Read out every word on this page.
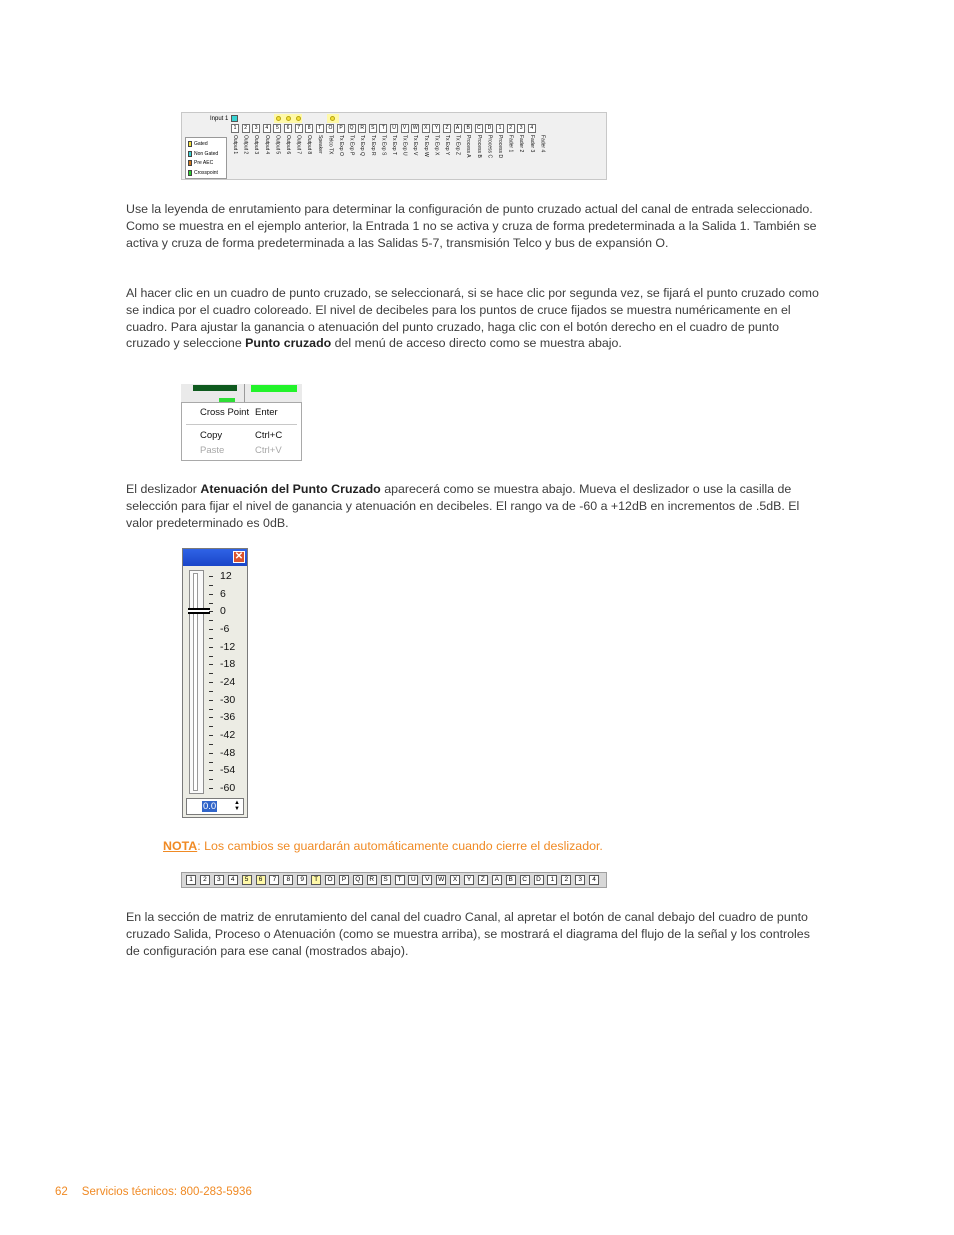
Input 1
1	2	3	4	5	6	7	8	T	O	P	Q	R	S	T	U	V	W	X	Y	Z	A	B	C	D	1	2	3	4
Output 1 Output 2 Output 3 Output 4 Output 5 Output 6 Output 7 Output 8 Speaker Telco TX Tx Exp O Tx Exp P Tx Exp Q Tx Exp R Tx Exp S Tx Exp T Tx Exp U Tx Exp V Tx Exp W Tx Exp X Tx Exp Y Tx Exp Z Process A Process B Process C Process D Fader 1 Fader 2 Fader 3 Fader 4
Gated
Non Gated
Pre AEC
Crosspoint

Use la leyenda de enrutamiento para determinar la configuración de punto cruzado actual del canal de entrada seleccionado. Como se muestra en el ejemplo anterior, la Entrada 1 no se activa y cruza de forma predeterminada a la Salida 1. También se activa y cruza de forma predeterminada a las Salidas 5-7, transmisión Telco y bus de expansión O.

Al hacer clic en un cuadro de punto cruzado, se seleccionará, si se hace clic por segunda vez, se fijará el punto cruzado como se indica por el cuadro coloreado. El nivel de decibeles para los puntos de cruce fijados se muestra numéricamente en el cuadro. Para ajustar la ganancia o atenuación del punto cruzado, haga clic con el botón derecho en el cuadro de punto cruzado y seleccione Punto cruzado del menú de acceso directo como se muestra abajo.

Cross Point Enter
Copy	Ctrl+C
Paste	Ctrl+V

El deslizador Atenuación del Punto Cruzado aparecerá como se muestra abajo. Mueva el deslizador o use la casilla de selección para fijar el nivel de ganancia y atenuación en decibeles. El rango va de -60 a +12dB en incrementos de .5dB. El valor predeterminado es 0dB.

✕
12
6
0
-6
-12
-18
-24
-30
-36
-42
-48
-54
-60
0.0	▲
▼
NOTA: Los cambios se guardarán automáticamente cuando cierre el deslizador.
1	2	3	4	5	6	7	8	9	T	O	P	Q	R	S	T	U	V	W	X	Y	Z	A	B	C	D	1	2	3	4

En la sección de matriz de enrutamiento del canal del cuadro Canal, al apretar el botón de canal debajo del cuadro de punto cruzado Salida, Proceso o Atenuación (como se muestra arriba), se mostrará el diagrama del flujo de la señal y los controles de configuración para ese canal (mostrados abajo).

62 Servicios técnicos: 800-283-5936
